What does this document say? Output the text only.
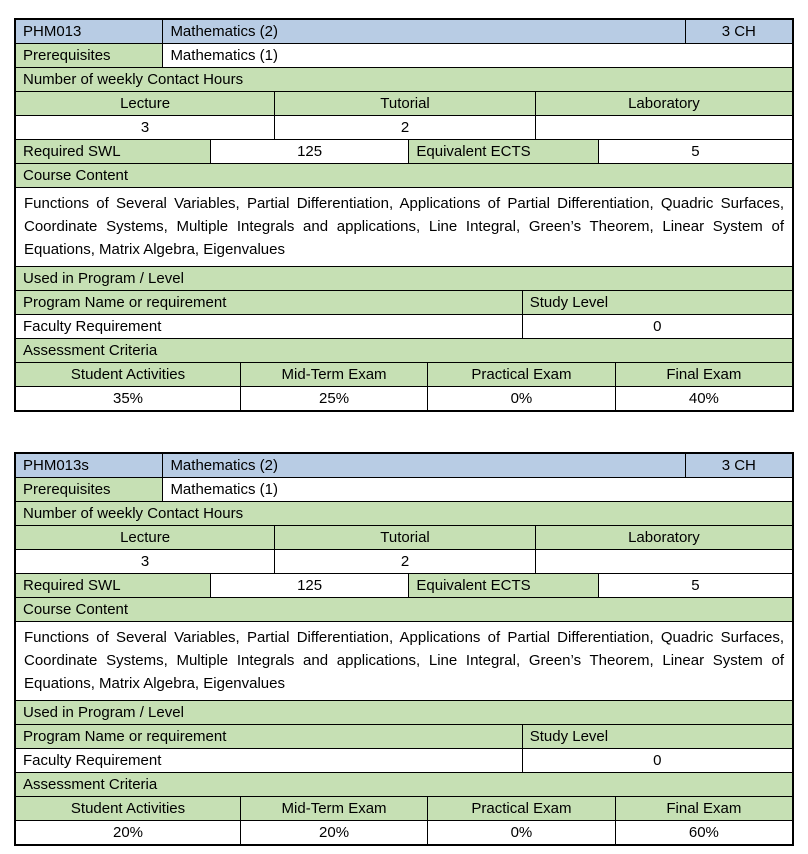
PHM013	Mathematics (2)	3 CH
Prerequisites	Mathematics (1)
Number of weekly Contact Hours
Lecture	Tutorial	Laboratory
3	2
Required SWL	125	Equivalent ECTS	5
Course Content
Functions of Several Variables, Partial Differentiation, Applications of Partial Differentiation, Quadric Surfaces, Coordinate Systems, Multiple Integrals and applications, Line Integral, Green’s Theorem, Linear System of Equations, Matrix Algebra, Eigenvalues
Used in Program / Level
Program Name or requirement	Study Level
Faculty Requirement	0
Assessment Criteria
Student Activities	Mid-Term Exam	Practical Exam	Final Exam
35%	25%	0%	40%
PHM013s	Mathematics (2)	3 CH
Prerequisites	Mathematics (1)
Number of weekly Contact Hours
Lecture	Tutorial	Laboratory
3	2
Required SWL	125	Equivalent ECTS	5
Course Content
Functions of Several Variables, Partial Differentiation, Applications of Partial Differentiation, Quadric Surfaces, Coordinate Systems, Multiple Integrals and applications, Line Integral, Green’s Theorem, Linear System of Equations, Matrix Algebra, Eigenvalues
Used in Program / Level
Program Name or requirement	Study Level
Faculty Requirement	0
Assessment Criteria
Student Activities	Mid-Term Exam	Practical Exam	Final Exam
20%	20%	0%	60%
